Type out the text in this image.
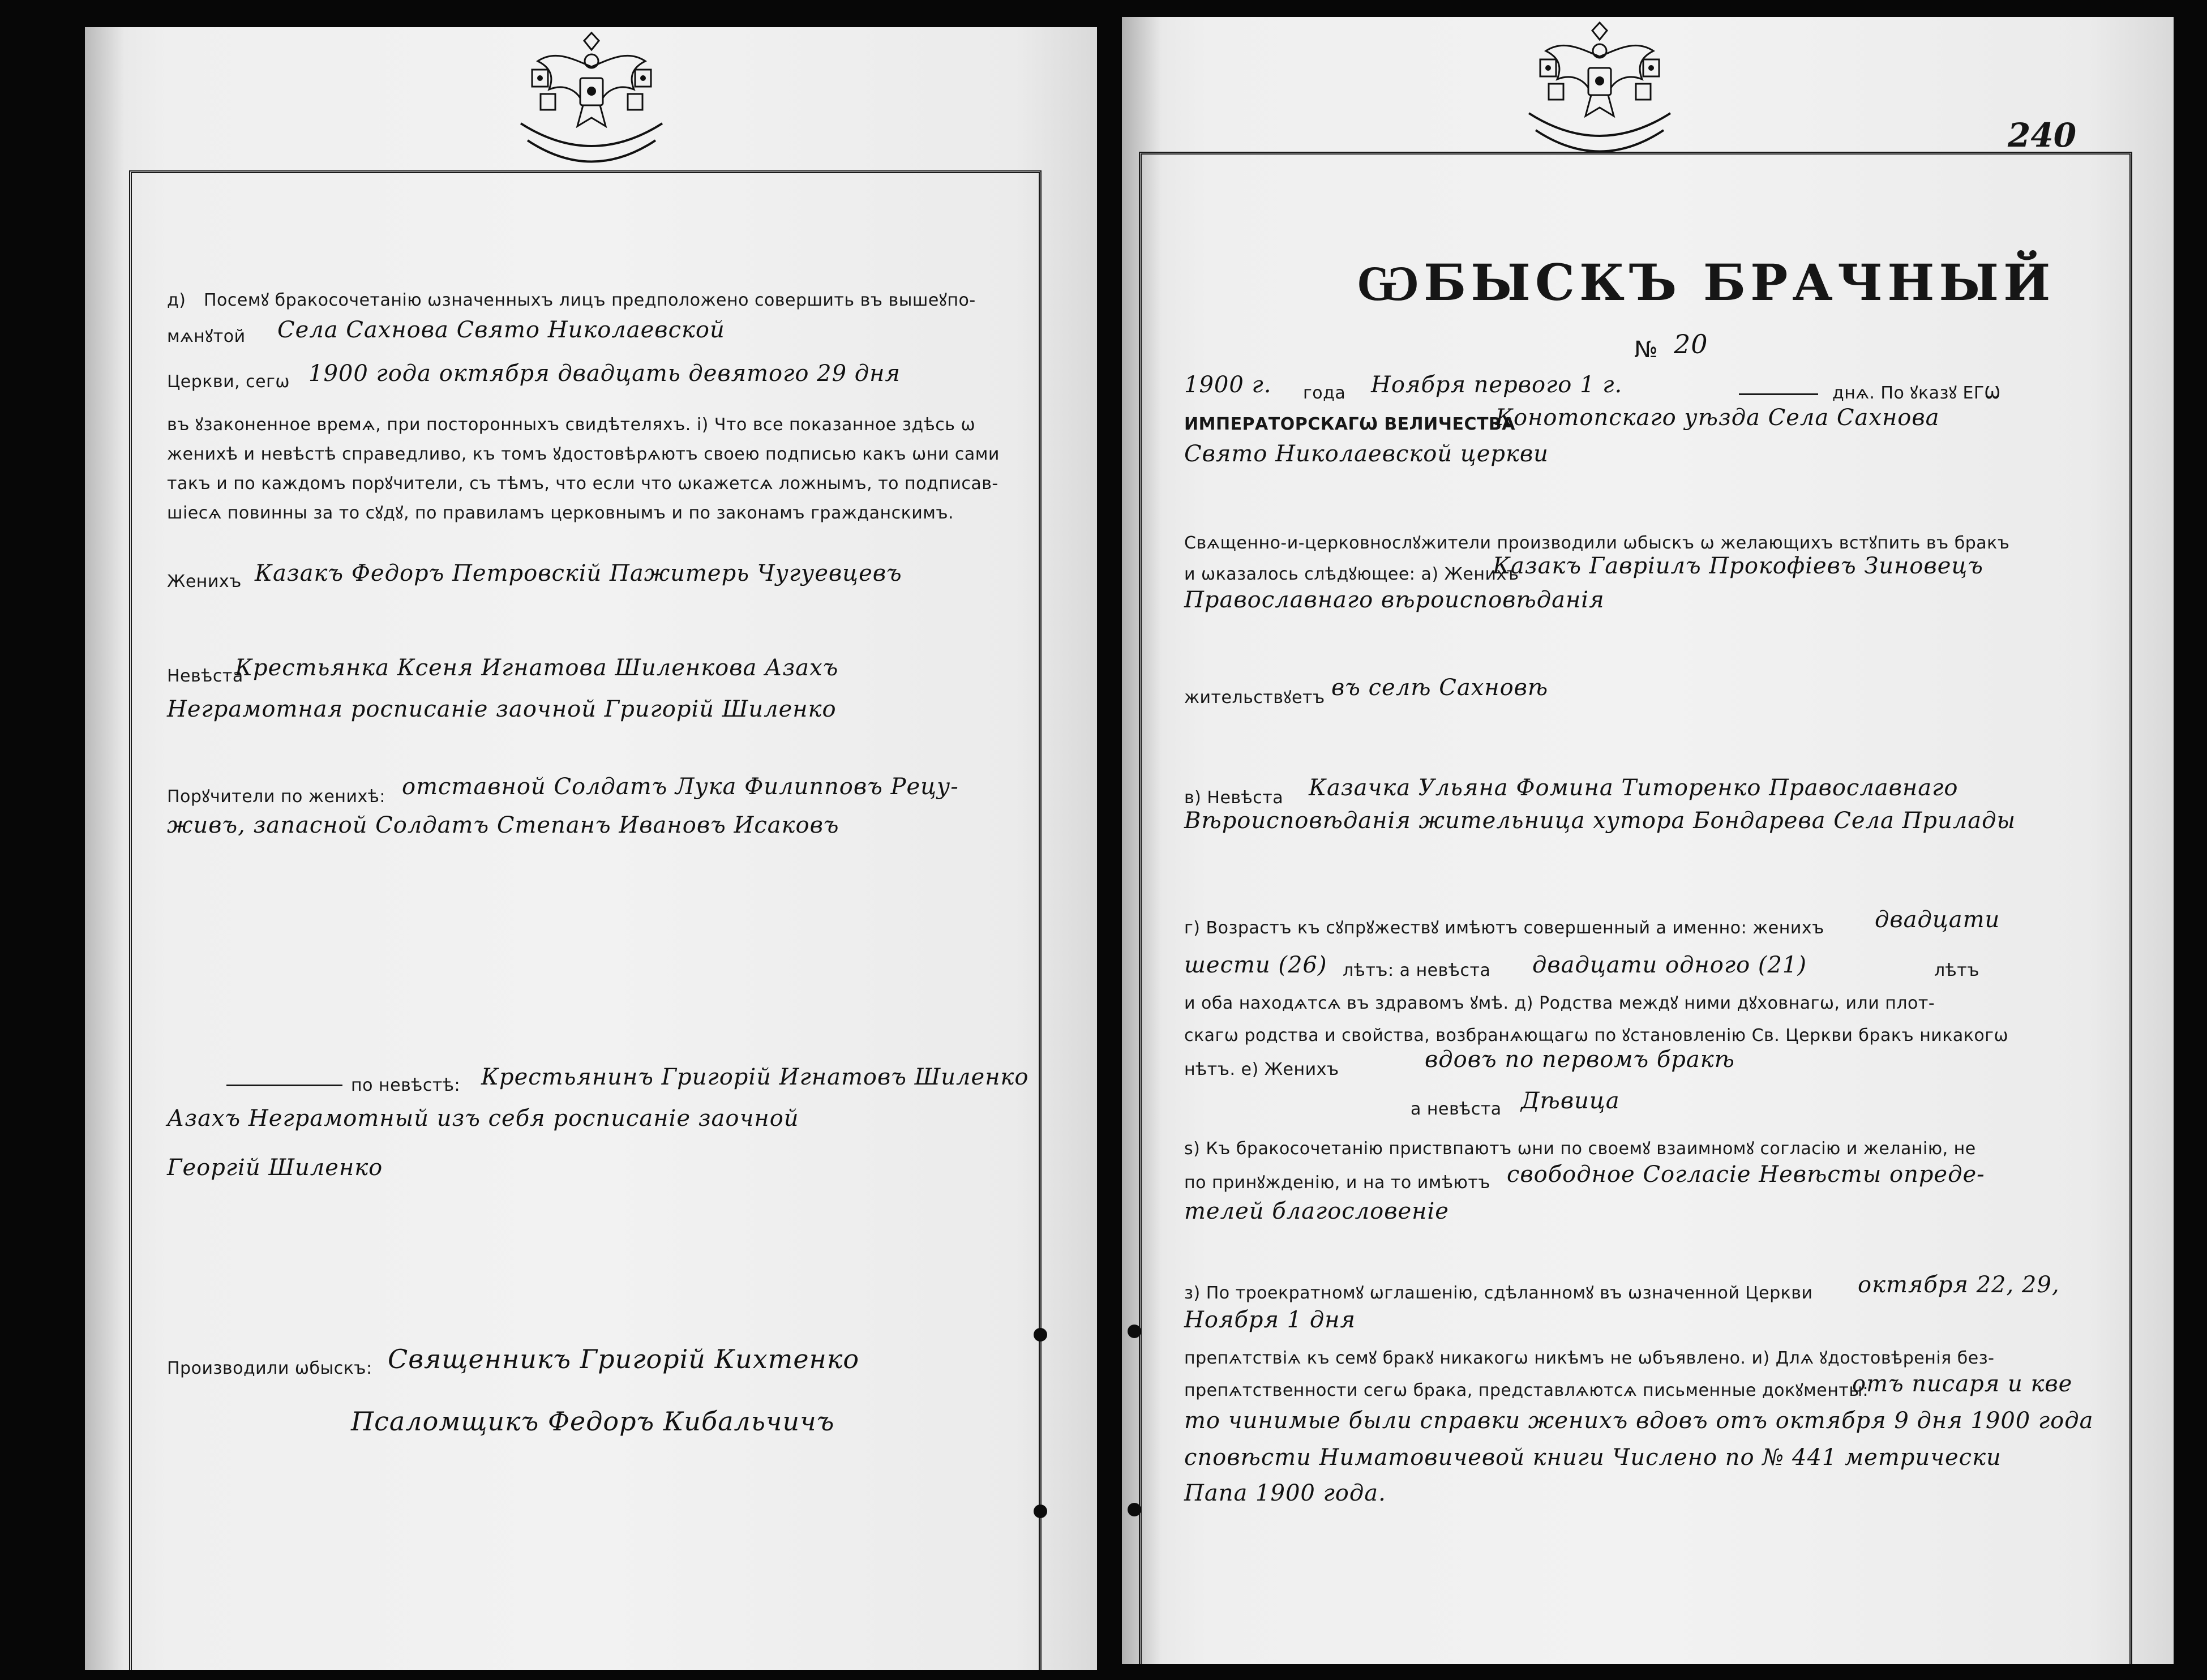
д) Посемꙋ бракосочетанію ѡзначенныхъ лицъ предположено совершить въ вышеꙋпо-
мѧнꙋтой Села Сахнова Свято Николаевской
Церкви, сегѡ 1900 года октября двадцать девятого 29 дня
въ ꙋзаконенное времѧ, при посторонныхъ свидѣтеляхъ. і) Что все показанное здѣсь ѡ
женихѣ и невѣстѣ справедливо, къ томъ ꙋдостовѣрѧютъ своею подписью какъ ѡни сами
такъ и по каждомъ порꙋчители, съ тѣмъ, что если что ѡкажетсѧ ложнымъ, то подписав-
шіесѧ повинны за то сꙋдꙋ, по правиламъ церковнымъ и по законамъ гражданскимъ.
Женихъ Казакъ Федоръ Петровскій Пажитерь Чугуевцевъ
Невѣста
Крестьянка Ксеня Игнатова Шиленкова Азахъ
Неграмотная росписаніе заочной Григорій Шиленко
Порꙋчители по женихѣ: отставной Солдатъ Лука Филипповъ Рецу-
живъ, запасной Солдатъ Степанъ Ивановъ Исаковъ
по невѣстѣ: Крестьянинъ Григорій Игнатовъ Шиленко
Азахъ Неграмотный изъ себя росписаніе заочной
Георгій Шиленко
Производили ѡбыскъ: Священникъ Григорій Кихтенко
Псаломщикъ Федоръ Кибальчичъ
240
ѠБЫСКЪ БРАЧНЫЙ
№ 20
1900 г. года Ноября первого 1 г.	днѧ. По ꙋказꙋ ЕГѠ
ИМПЕРАТОРСКАГѠ ВЕЛИЧЕСТВА
Конотопскаго уѣзда Села Сахнова
Свято Николаевской церкви
Свѧщенно-и-церковнослꙋжители производили ѡбыскъ ѡ желающихъ встꙋпить въ бракъ
и ѡказалось слѣдꙋющее: а) Женихъ
Казакъ Гавріилъ Прокофіевъ Зиновецъ
Православнаго вѣроисповѣданія
жительствꙋетъ въ селѣ Сахновѣ
в) Невѣста Казачка Ульяна Фомина Титоренко Православнаго
Вѣроисповѣданія жительница хутора Бондарева Села Прилады
г) Возрастъ къ сꙋпрꙋжествꙋ имѣютъ совершенный а именно: женихъ двадцати
шести (26) лѣтъ: а невѣста двадцати одного (21)	лѣтъ
и оба находѧтсѧ въ здравомъ ꙋмѣ. д) Родства междꙋ ними дꙋховнагѡ, или плот-
скагѡ родства и свойства, возбранѧющагѡ по ꙋстановленію Св. Церкви бракъ никакогѡ
нѣтъ. е) Женихъ	вдовъ по первомъ бракѣ
а невѣста Дѣвица
ѕ) Къ бракосочетанію приствпаютъ ѡни по своемꙋ взаимномꙋ согласію и желанію, не
по принꙋжденію, и на то имѣютъ свободное Согласіе Невѣсты опреде-
телей благословеніе
з) По троекратномꙋ ѡглашенію, сдѣланномꙋ въ ѡзначенной Церкви октября 22, 29,
Ноября 1 дня
препѧтствіѧ къ семꙋ бракꙋ никакогѡ никѣмъ не ѡбъявлено. и) Длѧ ꙋдостовѣренія без-
препѧтственности сегѡ брака, представлѧютсѧ письменные докꙋменты:
отъ писаря и кве
то чинимые были справки женихъ вдовъ отъ октября 9 дня 1900 года
сповѣсти Ниматовичевой книги Числено по № 441 метрически
Папа 1900 года.
